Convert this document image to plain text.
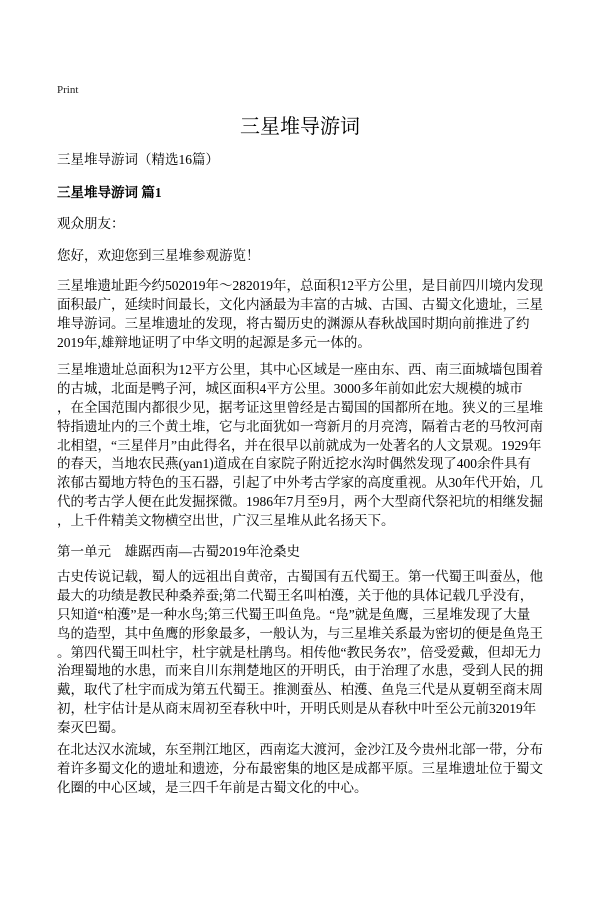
Print
三星堆导游词
三星堆导游词（精选16篇）
三星堆导游词 篇1
观众朋友：
您好，欢迎您到三星堆参观游览！
三星堆遗址距今约502019年～282019年，总面积12平方公里，是目前四川境内发现
面积最广，延续时间最长，文化内涵最为丰富的古城、古国、古蜀文化遗址，三星
堆导游词。三星堆遗址的发现，将古蜀历史的渊源从春秋战国时期向前推进了约
2019年,雄辩地证明了中华文明的起源是多元一体的。
三星堆遗址总面积为12平方公里，其中心区域是一座由东、西、南三面城墙包围着
的古城，北面是鸭子河，城区面积4平方公里。3000多年前如此宏大规模的城市
，在全国范围内都很少见，据考证这里曾经是古蜀国的国都所在地。狭义的三星堆
特指遗址内的三个黄土堆，它与北面犹如一弯新月的月亮湾，隔着古老的马牧河南
北相望，“三星伴月”由此得名，并在很早以前就成为一处著名的人文景观。1929年
的春天，当地农民燕(yan1)道成在自家院子附近挖水沟时偶然发现了400余件具有
浓郁古蜀地方特色的玉石器，引起了中外考古学家的高度重视。从30年代开始，几
代的考古学人便在此发掘探微。1986年7月至9月，两个大型商代祭祀坑的相继发掘
，上千件精美文物横空出世，广汉三星堆从此名扬天下。
第一单元　雄踞西南—古蜀2019年沧桑史
古史传说记载，蜀人的远祖出自黄帝，古蜀国有五代蜀王。第一代蜀王叫蚕丛，他
最大的功绩是教民种桑养蚕;第二代蜀王名叫柏濩，关于他的具体记载几乎没有，
只知道“柏濩”是一种水鸟;第三代蜀王叫鱼凫。“凫”就是鱼鹰，三星堆发现了大量
鸟的造型，其中鱼鹰的形象最多，一般认为，与三星堆关系最为密切的便是鱼凫王
。第四代蜀王叫杜宇，杜宇就是杜鹃鸟。相传他“教民务农”，倍受爱戴，但却无力
治理蜀地的水患，而来自川东荆楚地区的开明氏，由于治理了水患，受到人民的拥
戴，取代了杜宇而成为第五代蜀王。推测蚕丛、柏濩、鱼凫三代是从夏朝至商末周
初，杜宇估计是从商末周初至春秋中叶，开明氏则是从春秋中叶至公元前32019年
秦灭巴蜀。
在北达汉水流域，东至荆江地区，西南迄大渡河，金沙江及今贵州北部一带，分布
着许多蜀文化的遗址和遗迹，分布最密集的地区是成都平原。三星堆遗址位于蜀文
化圈的中心区域，是三四千年前是古蜀文化的中心。
